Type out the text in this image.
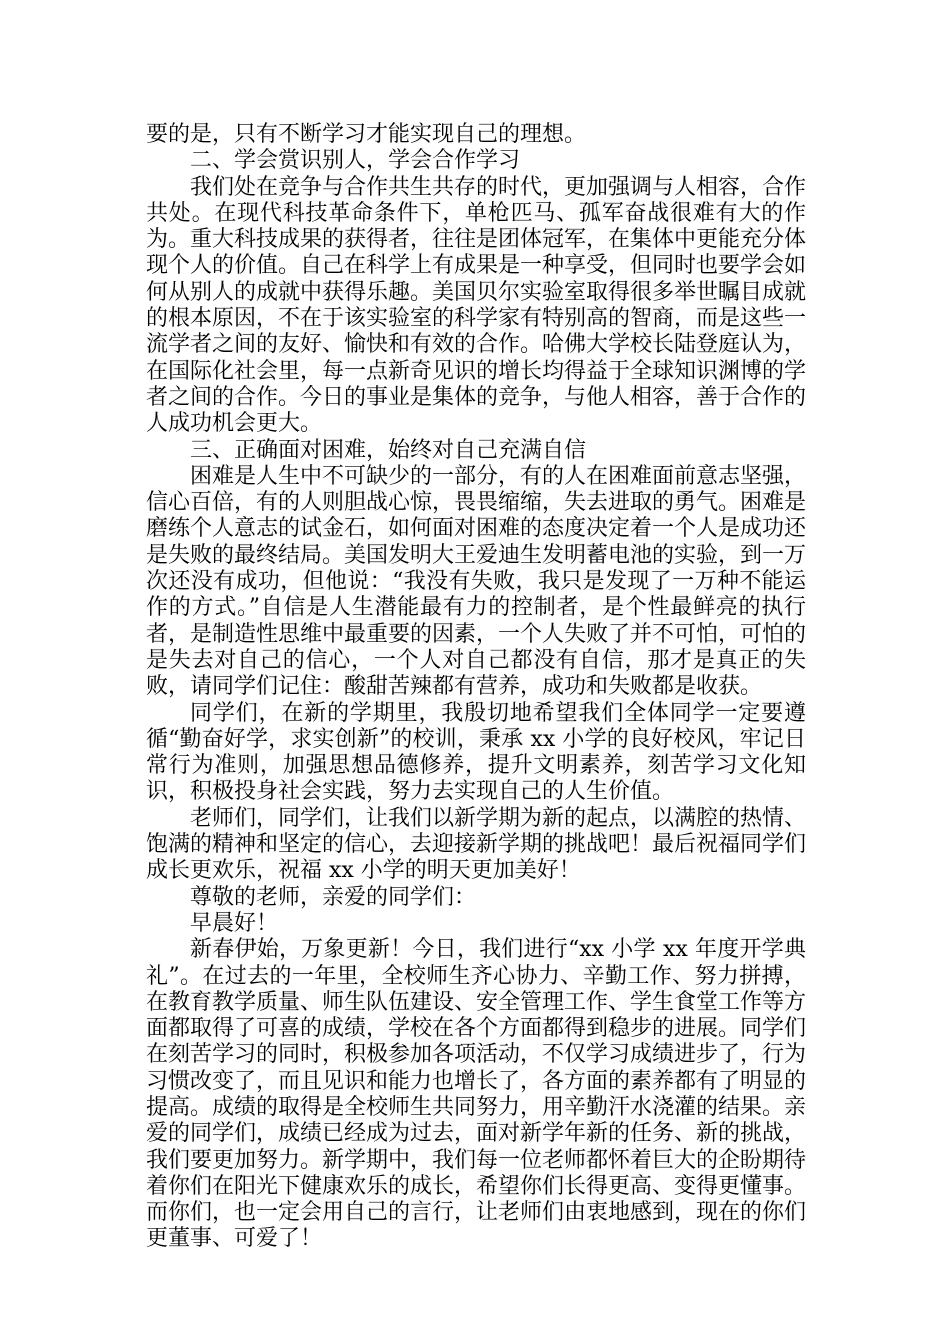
要的是，只有不断学习才能实现自己的理想。

二、学会赏识别人，学会合作学习

我们处在竞争与合作共生共存的时代，更加强调与人相容，合作共处。在现代科技革命条件下，单枪匹马、孤军奋战很难有大的作为。重大科技成果的获得者，往往是团体冠军，在集体中更能充分体现个人的价值。自己在科学上有成果是一种享受，但同时也要学会如何从别人的成就中获得乐趣。美国贝尔实验室取得很多举世瞩目成就的根本原因，不在于该实验室的科学家有特别高的智商，而是这些一流学者之间的友好、愉快和有效的合作。哈佛大学校长陆登庭认为，在国际化社会里，每一点新奇见识的增长均得益于全球知识渊博的学者之间的合作。今日的事业是集体的竞争，与他人相容，善于合作的人成功机会更大。

三、正确面对困难，始终对自己充满自信

困难是人生中不可缺少的一部分，有的人在困难面前意志坚强，信心百倍，有的人则胆战心惊，畏畏缩缩，失去进取的勇气。困难是磨练个人意志的试金石，如何面对困难的态度决定着一个人是成功还是失败的最终结局。美国发明大王爱迪生发明蓄电池的实验，到一万次还没有成功，但他说：“我没有失败，我只是发现了一万种不能运作的方式。”自信是人生潜能最有力的控制者，是个性最鲜亮的执行者，是制造性思维中最重要的因素，一个人失败了并不可怕，可怕的是失去对自己的信心，一个人对自己都没有自信，那才是真正的失败，请同学们记住：酸甜苦辣都有营养，成功和失败都是收获。

同学们，在新的学期里，我殷切地希望我们全体同学一定要遵循“勤奋好学，求实创新”的校训，秉承 xx 小学的良好校风，牢记日常行为准则，加强思想品德修养，提升文明素养，刻苦学习文化知识，积极投身社会实践，努力去实现自己的人生价值。

老师们，同学们，让我们以新学期为新的起点，以满腔的热情、饱满的精神和坚定的信心，去迎接新学期的挑战吧！最后祝福同学们成长更欢乐，祝福 xx 小学的明天更加美好！

尊敬的老师，亲爱的同学们：

早晨好！

新春伊始，万象更新！今日，我们进行“xx 小学 xx 年度开学典礼”。在过去的一年里，全校师生齐心协力、辛勤工作、努力拼搏，在教育教学质量、师生队伍建设、安全管理工作、学生食堂工作等方面都取得了可喜的成绩，学校在各个方面都得到稳步的进展。同学们在刻苦学习的同时，积极参加各项活动，不仅学习成绩进步了，行为习惯改变了，而且见识和能力也增长了，各方面的素养都有了明显的提高。成绩的取得是全校师生共同努力，用辛勤汗水浇灌的结果。亲爱的同学们，成绩已经成为过去，面对新学年新的任务、新的挑战，我们要更加努力。新学期中，我们每一位老师都怀着巨大的企盼期待着你们在阳光下健康欢乐的成长，希望你们长得更高、变得更懂事。而你们，也一定会用自己的言行，让老师们由衷地感到，现在的你们更董事、可爱了！
